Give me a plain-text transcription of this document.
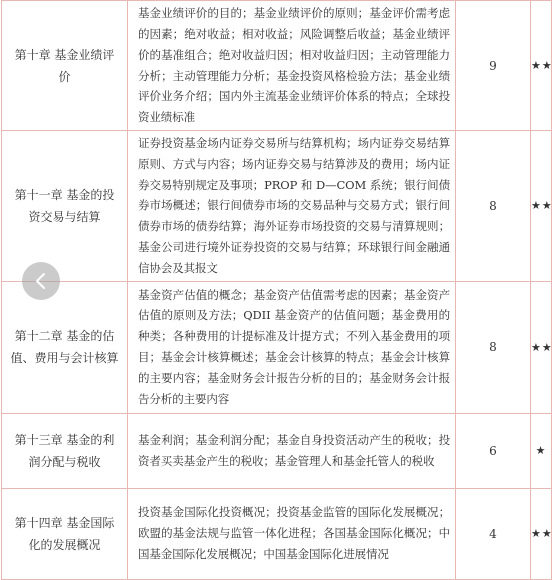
第十章 基金业绩评价	基金业绩评价的目的；基金业绩评价的原则；基金评价需考虑的因素；绝对收益；相对收益；风险调整后收益；基金业绩评价的基准组合；绝对收益归因；相对收益归因；主动管理能力分析；主动管理能力分析；基金投资风格检验方法；基金业绩评价业务介绍；国内外主流基金业绩评价体系的特点；全球投资业绩标准	9	★★
第十一章 基金的投资交易与结算	证券投资基金场内证券交易所与结算机构；场内证券交易结算原则、方式与内容；场内证券交易与结算涉及的费用；场内证券交易特别规定及事项；PROP 和 D—COM 系统；银行间债券市场概述；银行间债券市场的交易品种与交易方式；银行间债券市场的债券结算；海外证券市场投资的交易与清算规则；基金公司进行境外证券投资的交易与结算；环球银行间金融通信协会及其报文	8	★★
第十二章 基金的估值、费用与会计核算	基金资产估值的概念；基金资产估值需考虑的因素；基金资产估值的原则及方法；QDII 基金资产的估值问题；基金费用的种类；各种费用的计提标准及计提方式；不列入基金费用的项目；基金会计核算概述；基金会计核算的特点；基金会计核算的主要内容；基金财务会计报告分析的目的；基金财务会计报告分析的主要内容	8	★★
第十三章 基金的利润分配与税收	基金利润；基金利润分配；基金自身投资活动产生的税收；投资者买卖基金产生的税收；基金管理人和基金托管人的税收	6	★
第十四章 基金国际化的发展概况	投资基金国际化投资概况；投资基金监管的国际化发展概况；欧盟的基金法规与监管一体化进程；各国基金国际化概况；中国基金国际化发展概况；中国基金国际化进展情况	4	★★
